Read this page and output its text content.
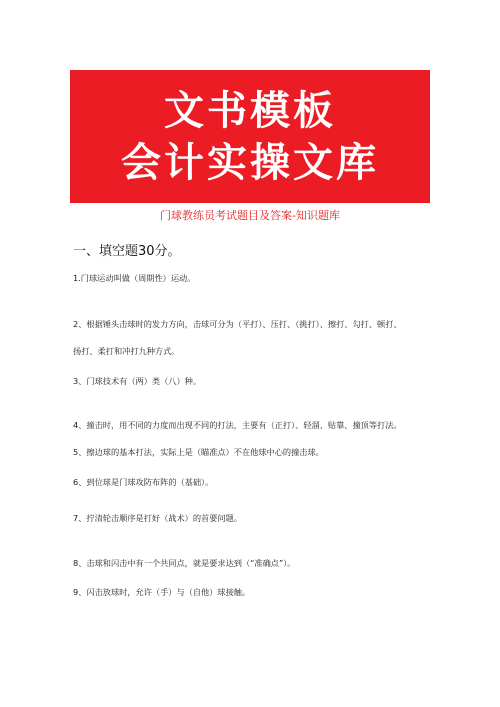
文书模板
会计实操文库
门球教练员考试题目及答案-知识题库
一、填空题30分。
1.门球运动叫做（周期性）运动。
2、根据锤头击球时的发力方向，击球可分为（平打）、压打、（挑打）、擦打、勾打、顿打、
扬打、柔打和冲打九种方式。
3、门球技术有（两）类（八）种。
4、撞击时，用不同的力度而出现不同的打法，主要有（正打）、轻溜、贴靠、撞顶等打法。
5、擦边球的基本打法，实际上是（瞄准点）不在他球中心的撞击球。
6、到位球是门球攻防布阵的（基础）。
7、拧清轮击顺序是打好（战术）的首要问题。
8、击球和闪击中有一个共同点，就是要求达到（“准确点”）。
9、闪击放球时，允许（手）与（自他）球接触。
